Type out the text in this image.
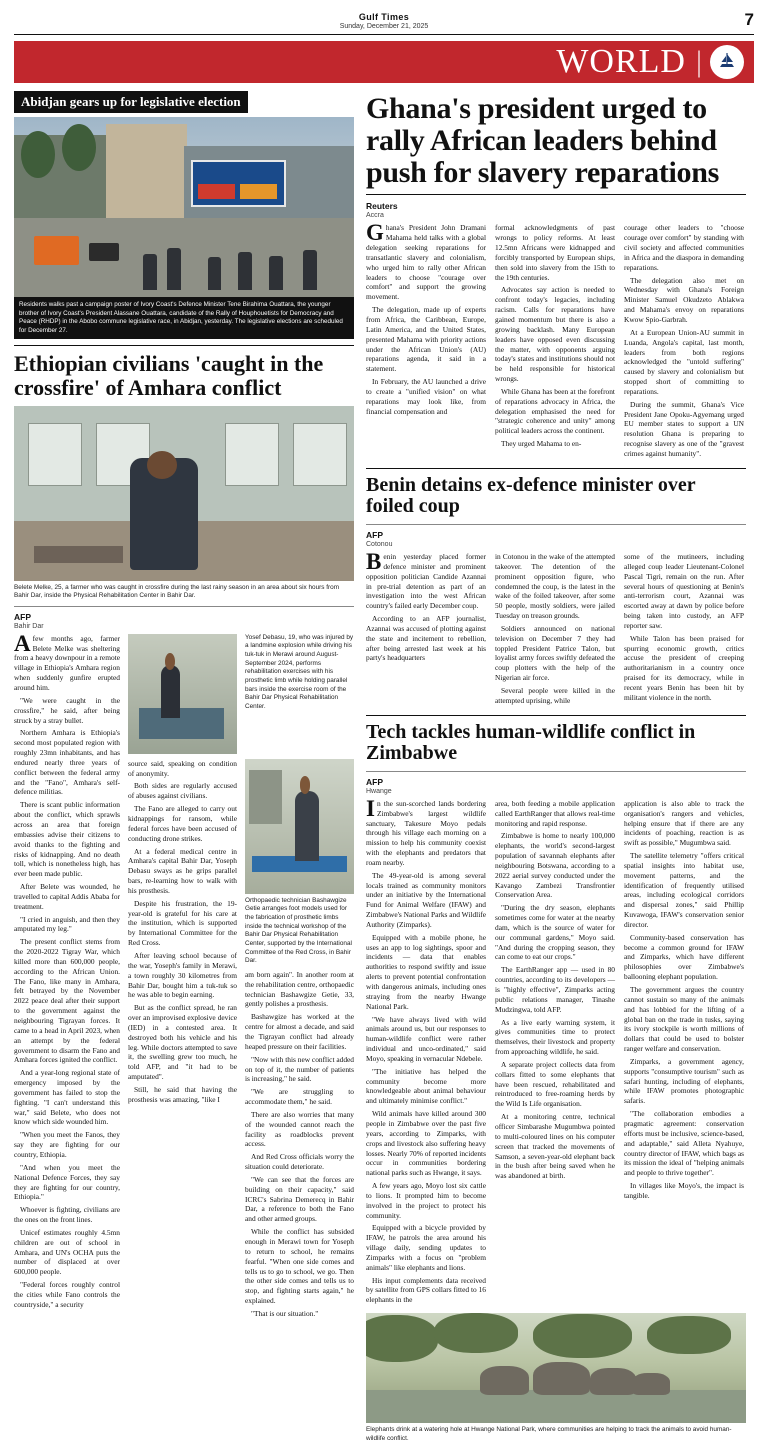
Gulf Times
Sunday, December 21, 2025	7
WORLD |
Abidjan gears up for legislative election
Residents walks past a campaign poster of Ivory Coast's Defence Minister Tene Birahima Ouattara, the younger brother of Ivory Coast's President Alassane Ouattara, candidate of the Rally of Houphouetists for Democracy and Peace (RHDP) in the Abobo commune legislative race, in Abidjan, yesterday. The legislative elections are scheduled for December 27.
Ethiopian civilians 'caught in the crossfire' of Amhara conflict
Belete Melke, 25, a farmer who was caught in crossfire during the last rainy season in an area about six hours from Bahir Dar, inside the Physical Rehabilitation Center in Bahir Dar.
AFP
Bahir Dar

Afew months ago, farmer Belete Melke was sheltering from a heavy downpour in a remote village in Ethiopia's Amhara region when suddenly gunfire erupted around him.

"We were caught in the crossfire," he said, after being struck by a stray bullet.

Northern Amhara is Ethiopia's second most populated region with roughly 23mn inhabitants, and has endured nearly three years of conflict between the federal army and the "Fano", Amhara's self-defence militias.

There is scant public information about the conflict, which sprawls across an area that foreign embassies advise their citizens to avoid thanks to the fighting and risks of kidnapping. And no death toll, which is nonetheless high, has ever been made public.

After Belete was wounded, he travelled to capital Addis Ababa for treatment.

"I cried in anguish, and then they amputated my leg."

The present conflict stems from the 2020-2022 Tigray War, which killed more than 600,000 people, according to the African Union. The Fano, like many in Amhara, felt betrayed by the November 2022 peace deal after their support to the government against the neighbouring Tigrayan forces. It came to a head in April 2023, when an attempt by the federal government to disarm the Fano and Amhara forces ignited the conflict.

And a year-long regional state of emergency imposed by the government has failed to stop the fighting. "I can't understand this war," said Belete, who does not know which side wounded him.

"When you meet the Fanos, they say they are fighting for our country, Ethiopia.

"And when you meet the National Defence Forces, they say they are fighting for our country, Ethiopia."

Whoever is fighting, civilians are the ones on the front lines.

Unicef estimates roughly 4.5mn children are out of school in Amhara, and UN's OCHA puts the number of displaced at over 600,000 people.

"Federal forces roughly control the cities while Fano controls the countryside," a security

Yosef Debasu, 19, who was injured by a landmine explosion while driving his tuk-tuk in Merawi around August-September 2024, performs rehabilitation exercises with his prosthetic limb while holding parallel bars inside the exercise room of the Bahir Dar Physical Rehabilitation Center.

source said, speaking on condition of anonymity.

Both sides are regularly accused of abuses against civilians.

The Fano are alleged to carry out kidnappings for ransom, while federal forces have been accused of conducting drone strikes.

At a federal medical centre in Amhara's capital Bahir Dar, Yoseph Debasu sways as he grips parallel bars, re-learning how to walk with his prosthesis.

Despite his frustration, the 19-year-old is grateful for his care at the institution, which is supported by International Committee for the Red Cross.

After leaving school because of the war, Yoseph's family in Merawi, a town roughly 30 kilometres from Bahir Dar, bought him a tuk-tuk so he was able to begin earning.

But as the conflict spread, he ran over an improvised explosive device (IED) in a contested area. It destroyed both his vehicle and his leg. While doctors attempted to save it, the swelling grew too much, he told AFP, and "it had to be amputated".

Still, he said that having the prosthesis was amazing, "like I

Orthopaedic technician Bashawgize Getie arranges foot models used for the fabrication of prosthetic limbs inside the technical workshop of the Bahir Dar Physical Rehabilitation Center, supported by the International Committee of the Red Cross, in Bahir Dar.

am born again". In another room at the rehabilitation centre, orthopaedic technician Bashawgize Getie, 33, gently polishes a prosthesis.

Bashawgize has worked at the centre for almost a decade, and said the Tigrayan conflict had already heaped pressure on their facilities.

"Now with this new conflict added on top of it, the number of patients is increasing," he said.

"We are struggling to accommodate them," he said.

There are also worries that many of the wounded cannot reach the facility as roadblocks prevent access.

And Red Cross officials worry the situation could deteriorate.

"We can see that the forces are building on their capacity," said ICRC's Sabrina Demerecq in Bahir Dar, a reference to both the Fano and other armed groups.

While the conflict has subsided enough in Merawi town for Yoseph to return to school, he remains fearful. "When one side comes and tells us to go to school, we go. Then the other side comes and tells us to stop, and fighting starts again," he explained.

"That is our situation."

Ghana's president urged to rally African leaders behind push for slavery reparations
Reuters
Accra

Ghana's President John Dramani Mahama held talks with a global delegation seeking reparations for transatlantic slavery and colonialism, who urged him to rally other African leaders to choose "courage over comfort" and support the growing movement.

The delegation, made up of experts from Africa, the Caribbean, Europe, Latin America, and the United States, presented Mahama with priority actions under the African Union's (AU) reparations agenda, it said in a statement.

In February, the AU launched a drive to create a "unified vision" on what reparations may look like, from financial compensation and

formal acknowledgments of past wrongs to policy reforms. At least 12.5mn Africans were kidnapped and forcibly transported by European ships, then sold into slavery from the 15th to the 19th centuries.

Advocates say action is needed to confront today's legacies, including racism. Calls for reparations have gained momentum but there is also a growing backlash. Many European leaders have opposed even discussing the matter, with opponents arguing today's states and institutions should not be held responsible for historical wrongs.

While Ghana has been at the forefront of reparations advocacy in Africa, the delegation emphasised the need for "strategic coherence and unity" among political leaders across the continent.

They urged Mahama to en-

courage other leaders to "choose courage over comfort" by standing with civil society and affected communities in Africa and the diaspora in demanding reparations.

The delegation also met on Wednesday with Ghana's Foreign Minister Samuel Okudzeto Ablakwa and Mahama's envoy on reparations Kwow Spio-Garbrah.

At a European Union-AU summit in Luanda, Angola's capital, last month, leaders from both regions acknowledged the "untold suffering" caused by slavery and colonialism but stopped short of committing to reparations.

During the summit, Ghana's Vice President Jane Opoku-Agyemang urged EU member states to support a UN resolution Ghana is preparing to recognise slavery as one of the "gravest crimes against humanity".

Benin detains ex-defence minister over foiled coup
AFP
Cotonou

Benin yesterday placed former defence minister and prominent opposition politician Candide Azannai in pre-trial detention as part of an investigation into the west African country's failed early December coup.

According to an AFP journalist, Azannai was accused of plotting against the state and incitement to rebellion, after being arrested last week at his party's headquarters

in Cotonou in the wake of the attempted takeover. The detention of the prominent opposition figure, who condemned the coup, is the latest in the wake of the foiled takeover, after some 50 people, mostly soldiers, were jailed Tuesday on treason grounds.

Soldiers announced on national television on December 7 they had toppled President Patrice Talon, but loyalist army forces swiftly defeated the coup plotters with the help of the Nigerian air force.

Several people were killed in the attempted uprising, while

some of the mutineers, including alleged coup leader Lieutenant-Colonel Pascal Tigri, remain on the run. After several hours of questioning at Benin's anti-terrorism court, Azannai was escorted away at dawn by police before being taken into custody, an AFP reporter saw.

While Talon has been praised for spurring economic growth, critics accuse the president of creeping authoritarianism in a country once praised for its democracy, while in recent years Benin has been hit by militant violence in the north.

Tech tackles human-wildlife conflict in Zimbabwe
AFP
Hwange

In the sun-scorched lands bordering Zimbabwe's largest wildlife sanctuary, Takesure Moyo pedals through his village each morning on a mission to help his community coexist with the elephants and predators that roam nearby.

The 49-year-old is among several locals trained as community monitors under an initiative by the International Fund for Animal Welfare (IFAW) and Zimbabwe's National Parks and Wildlife Authority (Zimparks).

Equipped with a mobile phone, he uses an app to log sightings, spoor and incidents — data that enables authorities to respond swiftly and issue alerts to prevent potential confrontation with dangerous animals, including ones straying from the nearby Hwange National Park.

"We have always lived with wild animals around us, but our responses to human-wildlife conflict were rather individual and unco-ordinated," said Moyo, speaking in vernacular Ndebele.

"The initiative has helped the community become more knowledgeable about animal behaviour and ultimately minimise conflict."

Wild animals have killed around 300 people in Zimbabwe over the past five years, according to Zimparks, with crops and livestock also suffering heavy losses. Nearly 70% of reported incidents occur in communities bordering national parks such as Hwange, it says.

A few years ago, Moyo lost six cattle to lions. It prompted him to become involved in the project to protect his community.

Equipped with a bicycle provided by IFAW, he patrols the area around his village daily, sending updates to Zimparks with a focus on "problem animals" like elephants and lions.

His input complements data received by satellite from GPS collars fitted to 16 elephants in the

area, both feeding a mobile application called EarthRanger that allows real-time monitoring and rapid response.

Zimbabwe is home to nearly 100,000 elephants, the world's second-largest population of savannah elephants after neighbouring Botswana, according to a 2022 aerial survey conducted under the Kavango Zambezi Transfrontier Conservation Area.

"During the dry season, elephants sometimes come for water at the nearby dam, which is the source of water for our communal gardens," Moyo said. "And during the cropping season, they can come to eat our crops."

The EarthRanger app — used in 80 countries, according to its developers — is "highly effective", Zimparks acting public relations manager, Tinashe Mudzingwa, told AFP.

As a live early warning system, it gives communities time to protect themselves, their livestock and property from approaching wildlife, he said.

A separate project collects data from collars fitted to some elephants that have been rescued, rehabilitated and reintroduced to free-roaming herds by the Wild Is Life organisation.

At a monitoring centre, technical officer Simbarashe Mugumbwa pointed to multi-coloured lines on his computer screen that tracked the movements of Samson, a seven-year-old elephant back in the bush after being saved when he was abandoned at birth.

application is also able to track the organisation's rangers and vehicles, helping ensure that if there are any incidents of poaching, reaction is as swift as possible," Mugumbwa said.

The satellite telemetry "offers critical spatial insights into habitat use, movement patterns, and the identification of frequently utilised areas, including ecological corridors and dispersal zones," said Phillip Kuvawoga, IFAW's conservation senior director.

Community-based conservation has become a common ground for IFAW and Zimparks, which have different philosophies over Zimbabwe's ballooning elephant population.

The government argues the country cannot sustain so many of the animals and has lobbied for the lifting of a global ban on the trade in tusks, saying its ivory stockpile is worth millions of dollars that could be used to bolster ranger welfare and conservation.

Zimparks, a government agency, supports "consumptive tourism" such as safari hunting, including of elephants, while IFAW promotes photographic safaris.

"The collaboration embodies a pragmatic agreement: conservation efforts must be inclusive, science-based, and adaptable," said Alleta Nyahuye, country director of IFAW, which bags as its mission the ideal of "helping animals and people to thrive together".

In villages like Moyo's, the impact is tangible.

Elephants drink at a watering hole at Hwange National Park, where communities are helping to track the animals to avoid human-wildlife conflict.
